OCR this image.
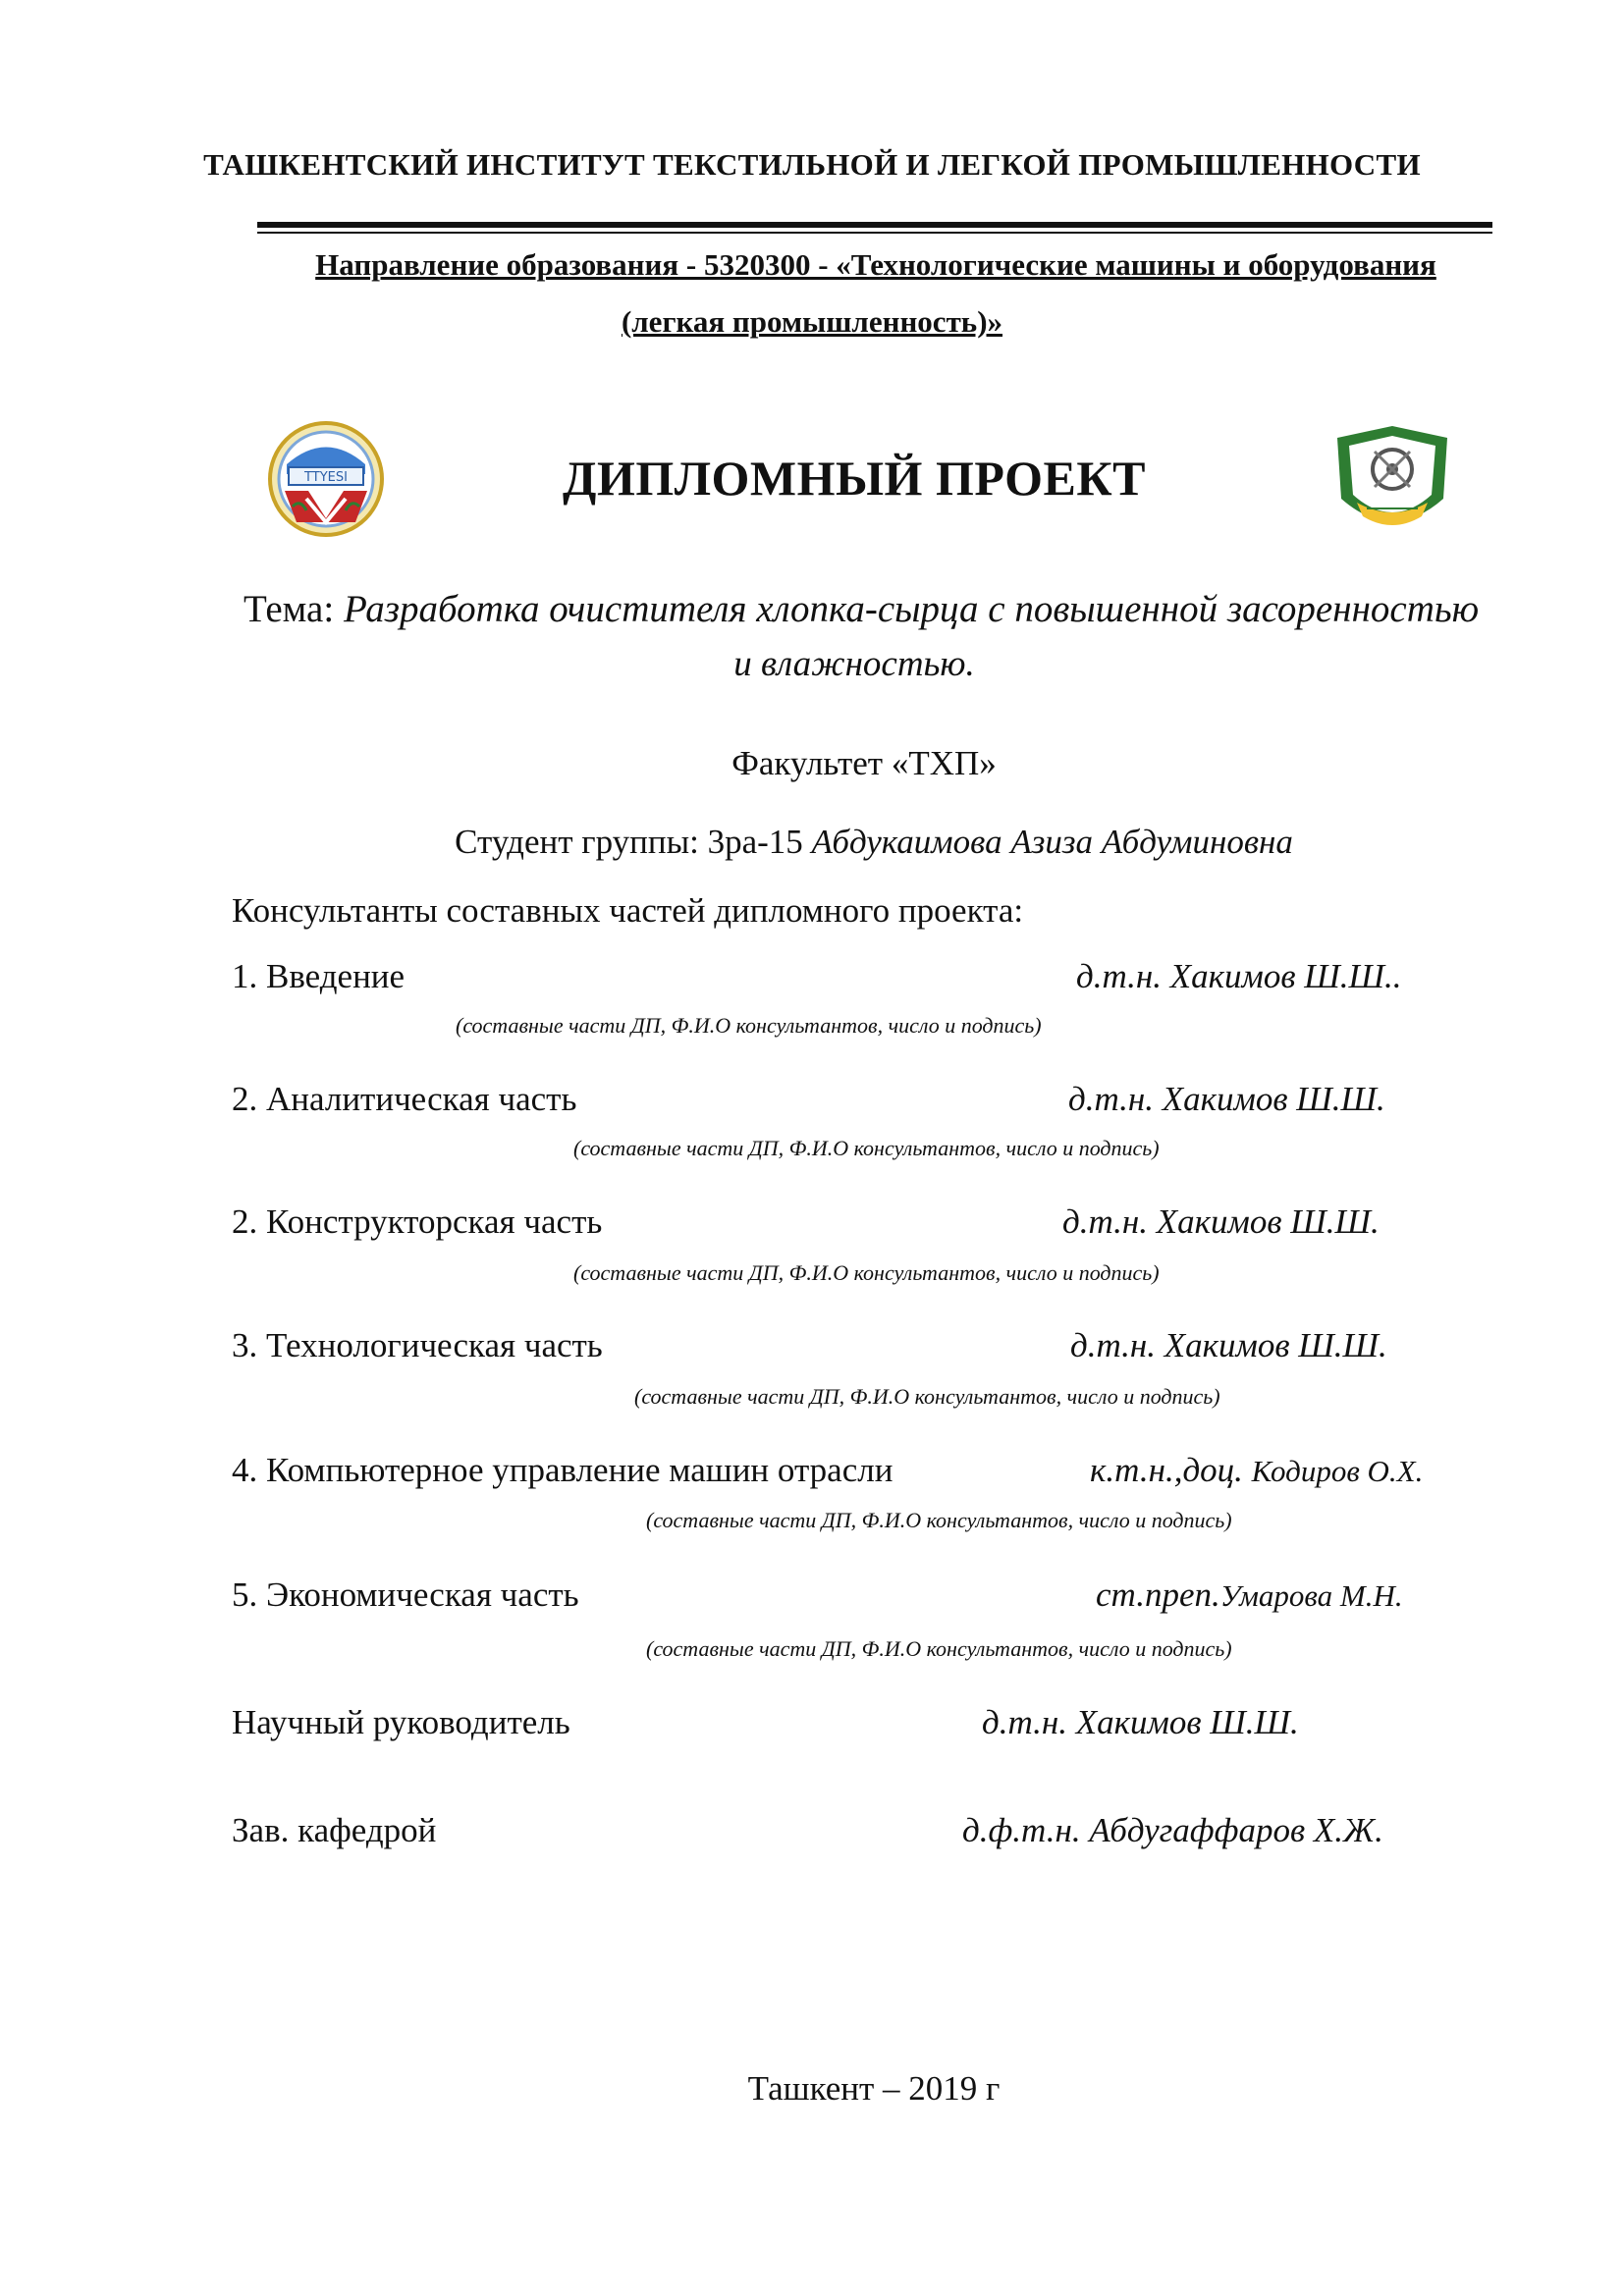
ТАШКЕНТСКИЙ ИНСТИТУТ ТЕКСТИЛЬНОЙ И ЛЕГКОЙ ПРОМЫШЛЕННОСТИ
Направление образования - 5320300 - «Технологические машины и оборудования
(легкая промышленность)»
TTYESI	ДИПЛОМНЫЙ ПРОЕКТ
Тема: Разработка очистителя хлопка-сырца с повышенной засоренностью
и влажностью.
Факультет «ТХП»
Студент группы: 3ра-15 Абдукаимова Азиза Абдуминовна
Консультанты составных частей дипломного проекта:
1. Введение	д.т.н. Хакимов Ш.Ш..
(составные части ДП, Ф.И.О консультантов, число и подпись)
2. Аналитическая часть	д.т.н. Хакимов Ш.Ш.
(составные части ДП, Ф.И.О консультантов, число и подпись)
2. Конструкторская часть	д.т.н. Хакимов Ш.Ш.
(составные части ДП, Ф.И.О консультантов, число и подпись)
3. Технологическая часть	д.т.н. Хакимов Ш.Ш.
(составные части ДП, Ф.И.О консультантов, число и подпись)
4. Компьютерное управление машин отрасли	к.т.н.,доц. Кодиров О.Х.
(составные части ДП, Ф.И.О консультантов, число и подпись)
5. Экономическая часть	ст.преп.Умарова М.Н.
(составные части ДП, Ф.И.О консультантов, число и подпись)
Научный руководитель	д.т.н. Хакимов Ш.Ш.
Зав. кафедрой	д.ф.т.н. Абдугаффаров Х.Ж.
Ташкент – 2019 г
